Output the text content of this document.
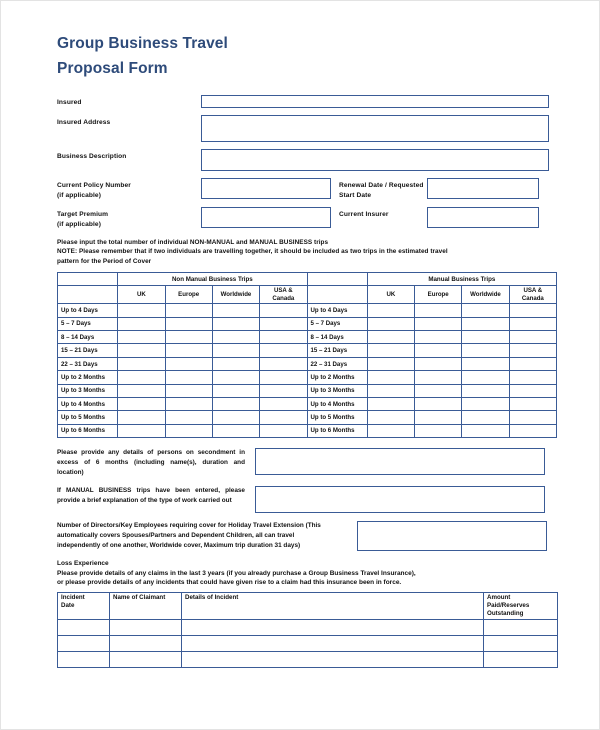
Group Business Travel
Proposal Form
Insured
Insured Address
Business Description
Current Policy Number
(if applicable)
Renewal Date / Requested
Start Date
Target Premium
(if applicable)
Current Insurer
Please input the total number of individual NON-MANUAL and MANUAL BUSINESS trips
NOTE: Please remember that if two individuals are travelling together, it should be included as two trips in the estimated travel
pattern for the Period of Cover
	Non Manual Business Trips					Manual Business Trips			
	UK	Europe	Worldwide	USA &
Canada		UK	Europe	Worldwide	USA &
Canada
Up to 4 Days					Up to 4 Days				
5 – 7 Days					5 – 7 Days				
8 – 14 Days					8 – 14 Days				
15 – 21 Days					15 – 21 Days				
22 – 31 Days					22 – 31 Days				
Up to 2 Months					Up to 2 Months				
Up to 3 Months					Up to 3 Months				
Up to 4 Months					Up to 4 Months				
Up to 5 Months					Up to 5 Months				
Up to 6 Months					Up to 6 Months				
Please provide any details of persons on secondment in excess of 6 months (including name(s), duration and location)
If MANUAL BUSINESS trips have been entered, please provide a brief explanation of the type of work carried out
Number of Directors/Key Employees requiring cover for Holiday Travel Extension (This
automatically covers Spouses/Partners and Dependent Children, all can travel
independently of one another, Worldwide cover, Maximum trip duration 31 days)
Loss Experience
Please provide details of any claims in the last 3 years (if you already purchase a Group Business Travel Insurance),
or please provide details of any incidents that could have given rise to a claim had this insurance been in force.
Incident
Date	Name of Claimant	Details of Incident	Amount Paid/Reserves
Outstanding
